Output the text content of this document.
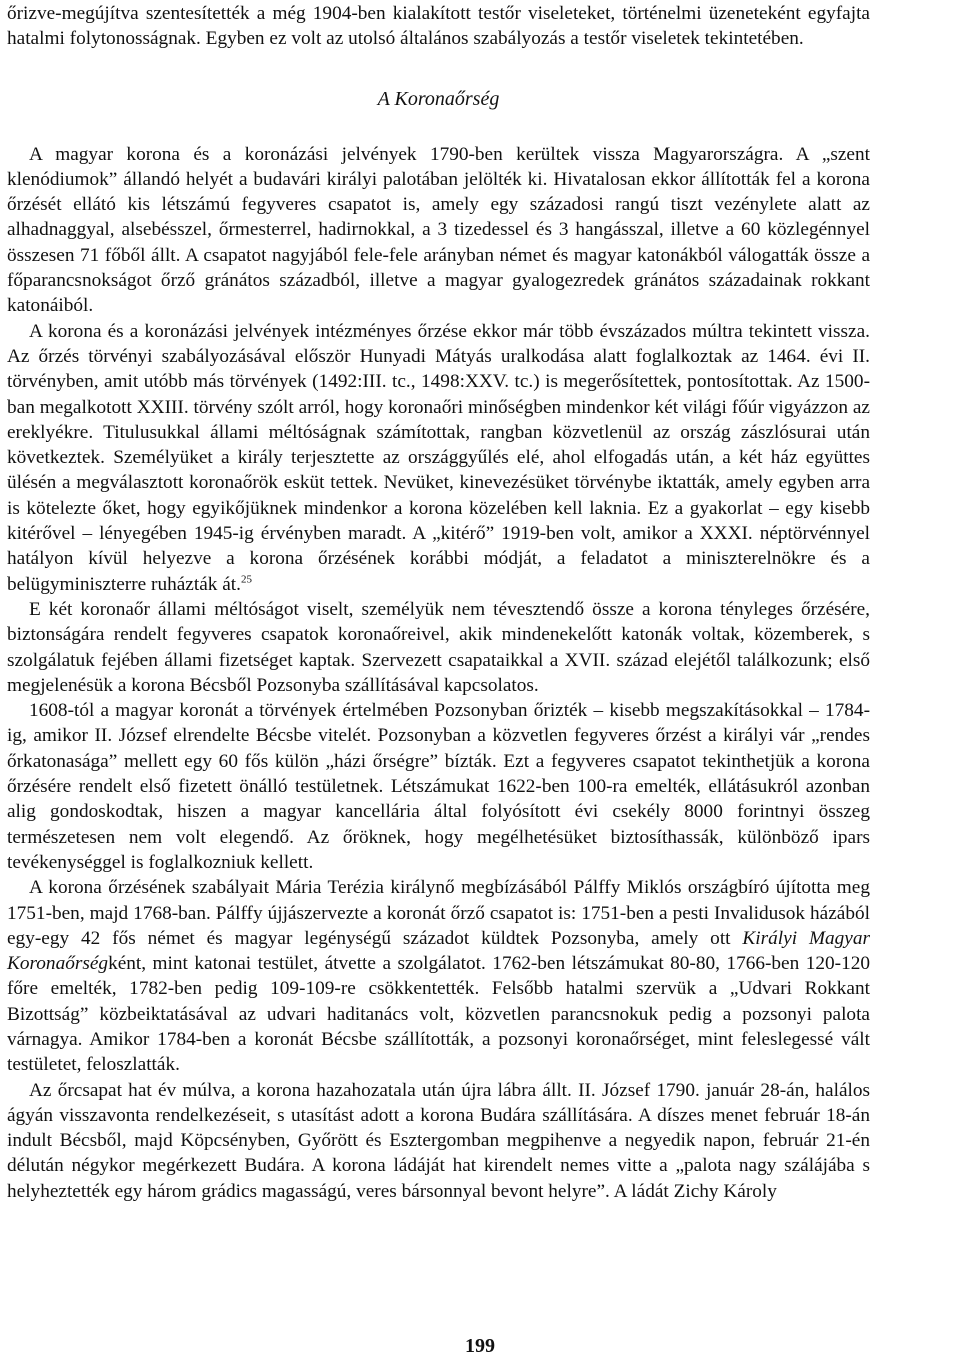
őrizve-megújítva szentesítették a még 1904-ben kialakított testőr viseleteket, történelmi üzeneteként egyfajta hatalmi folytonosságnak. Egyben ez volt az utolsó általános szabályozás a testőr viseletek tekintetében.

A Koronaőrség

A magyar korona és a koronázási jelvények 1790-ben kerültek vissza Magyarországra. A „szent klenódiumok” állandó helyét a budavári királyi palotában jelölték ki. Hivatalosan ekkor állították fel a korona őrzését ellátó kis létszámú fegyveres csapatot is, amely egy századosi rangú tiszt vezénylete alatt az alhadnaggyal, alsebésszel, őrmesterrel, hadirnokkal, a 3 tizedessel és 3 hangásszal, illetve a 60 közlegénnyel összesen 71 főből állt. A csapatot nagyjából fele-fele arányban német és magyar katonákból válogatták össze a főparancsnokságot őrző gránátos századból, illetve a magyar gyalogezredek gránátos századainak rokkant katonáiból.

A korona és a koronázási jelvények intézményes őrzése ekkor már több évszázados múltra tekintett vissza. Az őrzés törvényi szabályozásával először Hunyadi Mátyás uralkodása alatt foglalkoztak az 1464. évi II. törvényben, amit utóbb más törvények (1492:III. tc., 1498:XXV. tc.) is megerősítettek, pontosítottak. Az 1500-ban megalkotott XXIII. törvény szólt arról, hogy koronaőri minőségben mindenkor két világi főúr vigyázzon az ereklyékre. Titulusukkal állami méltóságnak számítottak, rangban közvetlenül az ország zászlósurai után következtek. Személyüket a király terjesztette az országgyűlés elé, ahol elfogadás után, a két ház együttes ülésén a megválasztott koronaőrök esküt tettek. Nevüket, kinevezésüket törvénybe iktatták, amely egyben arra is kötelezte őket, hogy egyikőjüknek mindenkor a korona közelében kell laknia. Ez a gyakorlat – egy kisebb kitérővel – lényegében 1945-ig érvényben maradt. A „kitérő” 1919-ben volt, amikor a XXXI. néptörvénnyel hatályon kívül helyezve a korona őrzésének korábbi módját, a feladatot a miniszterelnökre és a belügyminiszterre ruházták át.$^{25}$

E két koronaőr állami méltóságot viselt, személyük nem tévesztendő össze a korona tényleges őrzésére, biztonságára rendelt fegyveres csapatok koronaőreivel, akik mindenekelőtt katonák voltak, közemberek, s szolgálatuk fejében állami fizetséget kaptak. Szervezett csapataikkal a XVII. század elejétől találkozunk; első megjelenésük a korona Bécsből Pozsonyba szállításával kapcsolatos.

1608-tól a magyar koronát a törvények értelmében Pozsonyban őrizték – kisebb megszakításokkal – 1784-ig, amikor II. József elrendelte Bécsbe vitelét. Pozsonyban a közvetlen fegyveres őrzést a királyi vár „rendes őrkatonasága” mellett egy 60 fős külön „házi őrségre” bízták. Ezt a fegyveres csapatot tekinthetjük a korona őrzésére rendelt első fizetett önálló testületnek. Létszámukat 1622-ben 100-ra emelték, ellátásukról azonban alig gondoskodtak, hiszen a magyar kancellária által folyósított évi csekély 8000 forintnyi összeg természetesen nem volt elegendő. Az őröknek, hogy megélhetésüket biztosíthassák, különböző ipars tevékenységgel is foglalkozniuk kellett.

A korona őrzésének szabályait Mária Terézia királynő megbízásából Pálffy Miklós országbíró újította meg 1751-ben, majd 1768-ban. Pálffy újjászervezte a koronát őrző csapatot is: 1751-ben a pesti Invalidusok házából egy-egy 42 fős német és magyar legénységű századot küldtek Pozsonyba, amely ott Királyi Magyar Koronaőrségként, mint katonai testület, átvette a szolgálatot. 1762-ben létszámukat 80-80, 1766-ben 120-120 főre emelték, 1782-ben pedig 109-109-re csökkentették. Felsőbb hatalmi szervük a „Udvari Rokkant Bizottság” közbeiktatásával az udvari haditanács volt, közvetlen parancsnokuk pedig a pozsonyi palota várnagya. Amikor 1784-ben a koronát Bécsbe szállították, a pozsonyi koronaőrséget, mint feleslegessé vált testületet, feloszlatták.

Az őrcsapat hat év múlva, a korona hazahozatala után újra lábra állt. II. József 1790. január 28-án, halálos ágyán visszavonta rendelkezéseit, s utasítást adott a korona Budára szállítására. A díszes menet február 18-án indult Bécsből, majd Köpcsényben, Győrött és Esztergomban megpihenve a negyedik napon, február 21-én délután négykor megérkezett Budára. A korona ládáját hat kirendelt nemes vitte a „palota nagy szálájába s helyheztették egy három grádics magasságú, veres bársonnyal bevont helyre”. A ládát Zichy Károly

199
